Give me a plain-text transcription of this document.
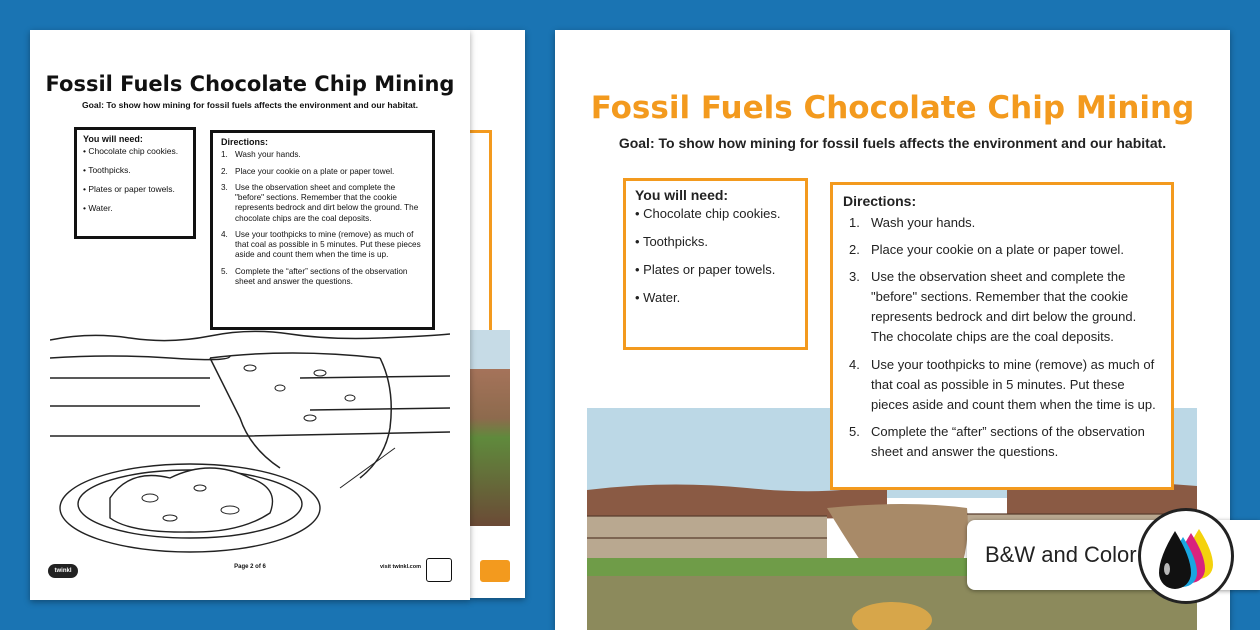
Fossil Fuels Chocolate Chip Mining
Goal: To show how mining for fossil fuels affects the environment and our habitat.
You will need:
• Chocolate chip cookies.
• Toothpicks.
• Plates or paper towels.
• Water.
Directions:
1. Wash your hands.
2. Place your cookie on a plate or paper towel.
3. Use the observation sheet and complete the "before" sections. Remember that the cookie represents bedrock and dirt below the ground. The chocolate chips are the coal deposits.
4. Use your toothpicks to mine (remove) as much of that coal as possible in 5 minutes. Put these pieces aside and count them when the time is up.
5. Complete the “after” sections of the observation sheet and answer the questions.
twinkl
Page 2 of 6	visit twinkl.com
Fossil Fuels Chocolate Chip Mining
Goal: To show how mining for fossil fuels affects the environment and our habitat.
You will need:
• Chocolate chip cookies.
• Toothpicks.
• Plates or paper towels.
• Water.
Directions:
1. Wash your hands.
2. Place your cookie on a plate or paper towel.
3. Use the observation sheet and complete the "before" sections. Remember that the cookie represents bedrock and dirt below the ground. The chocolate chips are the coal deposits.
4. Use your toothpicks to mine (remove) as much of that coal as possible in 5 minutes. Put these pieces aside and count them when the time is up.
5. Complete the “after” sections of the observation sheet and answer the questions.
B&W and Color
